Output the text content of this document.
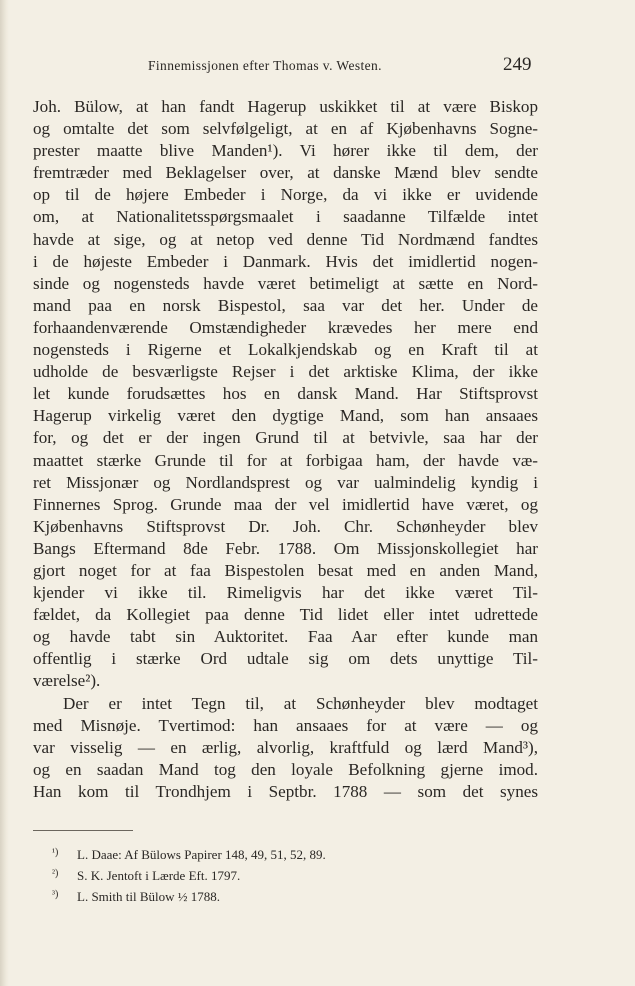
Finnemissjonen efter Thomas v. Westen.	249
Joh. Bülow, at han fandt Hagerup uskikket til at være Biskop
og omtalte det som selvfølgeligt, at en af Kjøbenhavns Sogne-
prester maatte blive Manden¹). Vi hører ikke til dem, der
fremtræder med Beklagelser over, at danske Mænd blev sendte
op til de højere Embeder i Norge, da vi ikke er uvidende
om, at Nationalitetsspørgsmaalet i saadanne Tilfælde intet
havde at sige, og at netop ved denne Tid Nordmænd fandtes
i de højeste Embeder i Danmark. Hvis det imidlertid nogen-
sinde og nogensteds havde været betimeligt at sætte en Nord-
mand paa en norsk Bispestol, saa var det her. Under de
forhaandenværende Omstændigheder krævedes her mere end
nogensteds i Rigerne et Lokalkjendskab og en Kraft til at
udholde de besværligste Rejser i det arktiske Klima, der ikke
let kunde forudsættes hos en dansk Mand. Har Stiftsprovst
Hagerup virkelig været den dygtige Mand, som han ansaaes
for, og det er der ingen Grund til at betvivle, saa har der
maattet stærke Grunde til for at forbigaa ham, der havde væ-
ret Missjonær og Nordlandsprest og var ualmindelig kyndig i
Finnernes Sprog. Grunde maa der vel imidlertid have været, og
Kjøbenhavns Stiftsprovst Dr. Joh. Chr. Schønheyder blev
Bangs Eftermand 8de Febr. 1788. Om Missjonskollegiet har
gjort noget for at faa Bispestolen besat med en anden Mand,
kjender vi ikke til. Rimeligvis har det ikke været Til-
fældet, da Kollegiet paa denne Tid lidet eller intet udrettede
og havde tabt sin Auktoritet. Faa Aar efter kunde man
offentlig i stærke Ord udtale sig om dets unyttige Til-
værelse²).
Der er intet Tegn til, at Schønheyder blev modtaget
med Misnøje. Tvertimod: han ansaaes for at være — og
var visselig — en ærlig, alvorlig, kraftfuld og lærd Mand³),
og en saadan Mand tog den loyale Befolkning gjerne imod.
Han kom til Trondhjem i Septbr. 1788 — som det synes
¹) L. Daae: Af Bülows Papirer 148, 49, 51, 52, 89.
²) S. K. Jentoft i Lærde Eft. 1797.
³) L. Smith til Bülow ½ 1788.
